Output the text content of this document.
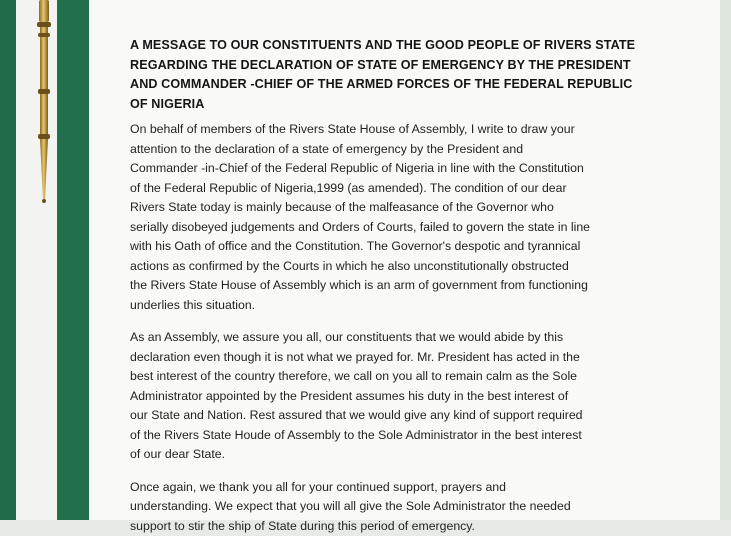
A MESSAGE TO OUR CONSTITUENTS AND THE GOOD PEOPLE OF RIVERS STATE
REGARDING THE DECLARATION OF STATE OF EMERGENCY BY THE PRESIDENT
AND COMMANDER -CHIEF OF THE ARMED FORCES OF THE FEDERAL REPUBLIC
OF NIGERIA

On behalf of members of the Rivers State House of Assembly, I write to draw your
attention to the declaration of a state of emergency by the President and
Commander -in-Chief of the Federal Republic of Nigeria in line with the Constitution
of the Federal Republic of Nigeria,1999 (as amended). The condition of our dear
Rivers State today is mainly because of the malfeasance of the Governor who
serially disobeyed judgements and Orders of Courts, failed to govern the state in line
with his Oath of office and the Constitution. The Governor's despotic and tyrannical
actions as confirmed by the Courts in which he also unconstitutionally obstructed
the Rivers State House of Assembly which is an arm of government from functioning
underlies this situation.

As an Assembly, we assure you all, our constituents that we would abide by this
declaration even though it is not what we prayed for. Mr. President has acted in the
best interest of the country therefore, we call on you all to remain calm as the Sole
Administrator appointed by the President assumes his duty in the best interest of
our State and Nation. Rest assured that we would give any kind of support required
of the Rivers State Houde of Assembly to the Sole Administrator in the best interest
of our dear State.

Once again, we thank you all for your continued support, prayers and
understanding. We expect that you will all give the Sole Administrator the needed
support to stir the ship of State during this period of emergency.
